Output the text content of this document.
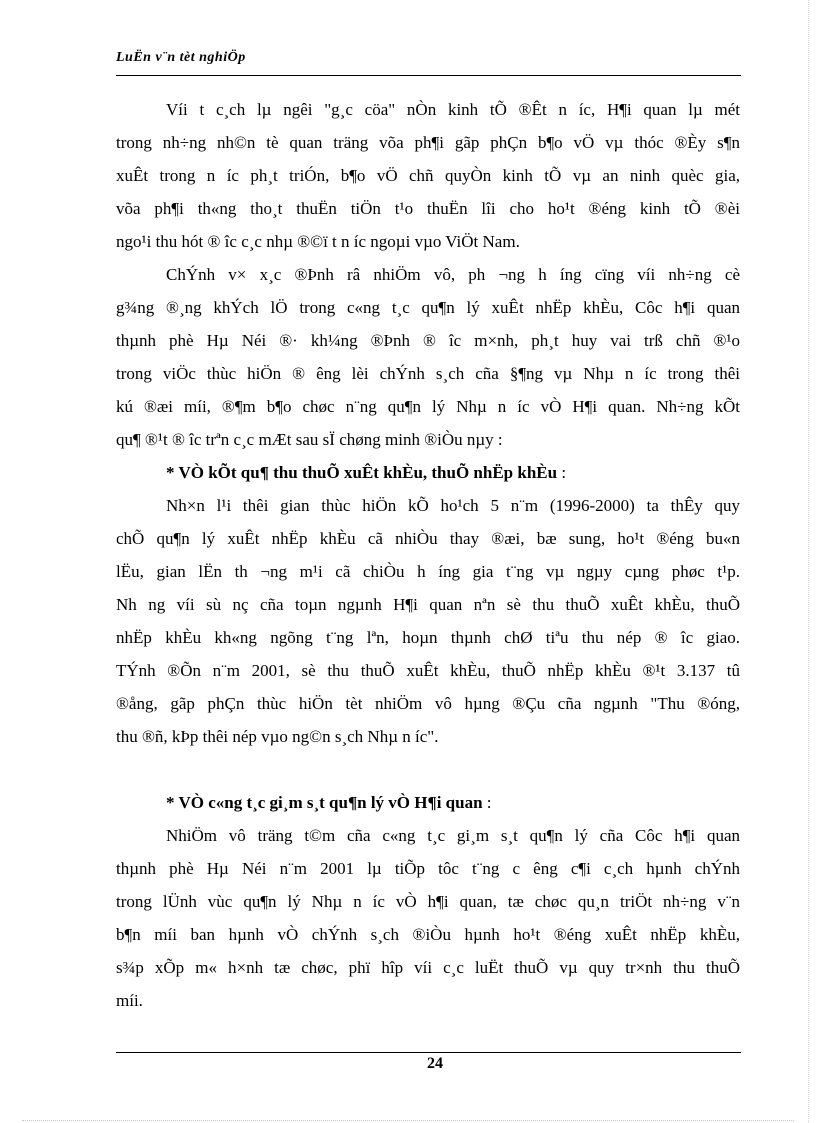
LuËn v¨n tèt nghiÖp
Víi t c¸ch lµ ngêi "g¸c cöa" nÒn kinh tÕ ®Êt n íc, H¶i quan lµ mét
trong nh÷ng nh©n tè quan träng võa ph¶i gãp phÇn b¶o vÖ vµ thóc ®Èy s¶n
xuÊt trong n íc ph¸t triÓn, b¶o vÖ chñ quyÒn kinh tÕ vµ an ninh quèc gia,
võa ph¶i th«ng tho¸t thuËn tiÖn t¹o thuËn lîi cho ho¹t ®éng kinh tÕ ®èi
ngo¹i thu hót ® îc c¸c nhµ ®©ï t n íc ngoµi vµo ViÖt Nam.
ChÝnh v× x¸c ®Þnh râ nhiÖm vô, ph ¬ng h íng cïng víi nh÷ng cè
g¾ng ®¸ng khÝch lÖ trong c«ng t¸c qu¶n lý xuÊt nhËp khÈu, Côc h¶i quan
thµnh phè Hµ Néi ®· kh¼ng ®Þnh ® îc m×nh, ph¸t huy vai trß chñ ®¹o
trong viÖc thùc hiÖn ® êng lèi chÝnh s¸ch cña §¶ng vµ Nhµ n íc trong thêi
kú ®æi míi, ®¶m b¶o chøc n¨ng qu¶n lý Nhµ n íc vÒ H¶i quan. Nh÷ng kÕt
qu¶ ®¹t ® îc trªn c¸c mÆt sau sÏ chøng minh ®iÒu nµy :
* VÒ kÕt qu¶ thu thuÕ xuÊt khÈu, thuÕ nhËp khÈu :
Nh×n l¹i thêi gian thùc hiÖn kÕ ho¹ch 5 n¨m (1996-2000) ta thÊy quy
chÕ qu¶n lý xuÊt nhËp khÈu cã nhiÒu thay ®æi, bæ sung, ho¹t ®éng bu«n
lËu, gian lËn th ¬ng m¹i cã chiÒu h íng gia t¨ng vµ ngµy cµng phøc t¹p.
Nh ng víi sù nç cña toµn ngµnh H¶i quan nªn sè thu thuÕ xuÊt khÈu, thuÕ
nhËp khÈu kh«ng ngõng t¨ng lªn, hoµn thµnh chØ tiªu thu nép ® îc giao.
TÝnh ®Õn n¨m 2001, sè thu thuÕ xuÊt khÈu, thuÕ nhËp khÈu ®¹t 3.137 tû
®ång, gãp phÇn thùc hiÖn tèt nhiÖm vô hµng ®Çu cña ngµnh "Thu ®óng,
thu ®ñ, kÞp thêi nép vµo ng©n s¸ch Nhµ n íc".
* VÒ c«ng t¸c gi¸m s¸t qu¶n lý vÒ H¶i quan :
NhiÖm vô träng t©m cña c«ng t¸c gi¸m s¸t qu¶n lý cña Côc h¶i quan
thµnh phè Hµ Néi n¨m 2001 lµ tiÕp tôc t¨ng c êng c¶i c¸ch hµnh chÝnh
trong lÜnh vùc qu¶n lý Nhµ n íc vÒ h¶i quan, tæ chøc qu¸n triÖt nh÷ng v¨n
b¶n míi ban hµnh vÒ chÝnh s¸ch ®iÒu hµnh ho¹t ®éng xuÊt nhËp khÈu,
s¾p xÕp m« h×nh tæ chøc, phï hîp víi c¸c luËt thuÕ vµ quy tr×nh thu thuÕ
míi.
24
